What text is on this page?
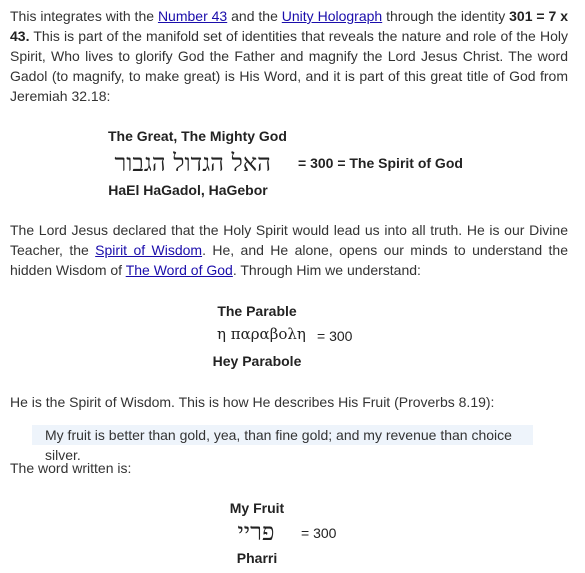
This integrates with the Number 43 and the Unity Holograph through the identity 301 = 7 x 43. This is part of the manifold set of identities that reveals the nature and role of the Holy Spirit, Who lives to glorify God the Father and magnify the Lord Jesus Christ. The word Gadol (to magnify, to make great) is His Word, and it is part of this great title of God from Jeremiah 32.18:

The Great, The Mighty God
האל הגדול הגבור = 300 = The Spirit of God
HaEl HaGadol, HaGebor

The Lord Jesus declared that the Holy Spirit would lead us into all truth. He is our Divine Teacher, the Spirit of Wisdom. He, and He alone, opens our minds to understand the hidden Wisdom of The Word of God. Through Him we understand:

The Parable
η παραβολη = 300
Hey Parabole

He is the Spirit of Wisdom. This is how He describes His Fruit (Proverbs 8.19):

My fruit is better than gold, yea, than fine gold; and my revenue than choice silver.

The word written is:

My Fruit
פריי	= 300
Pharri
